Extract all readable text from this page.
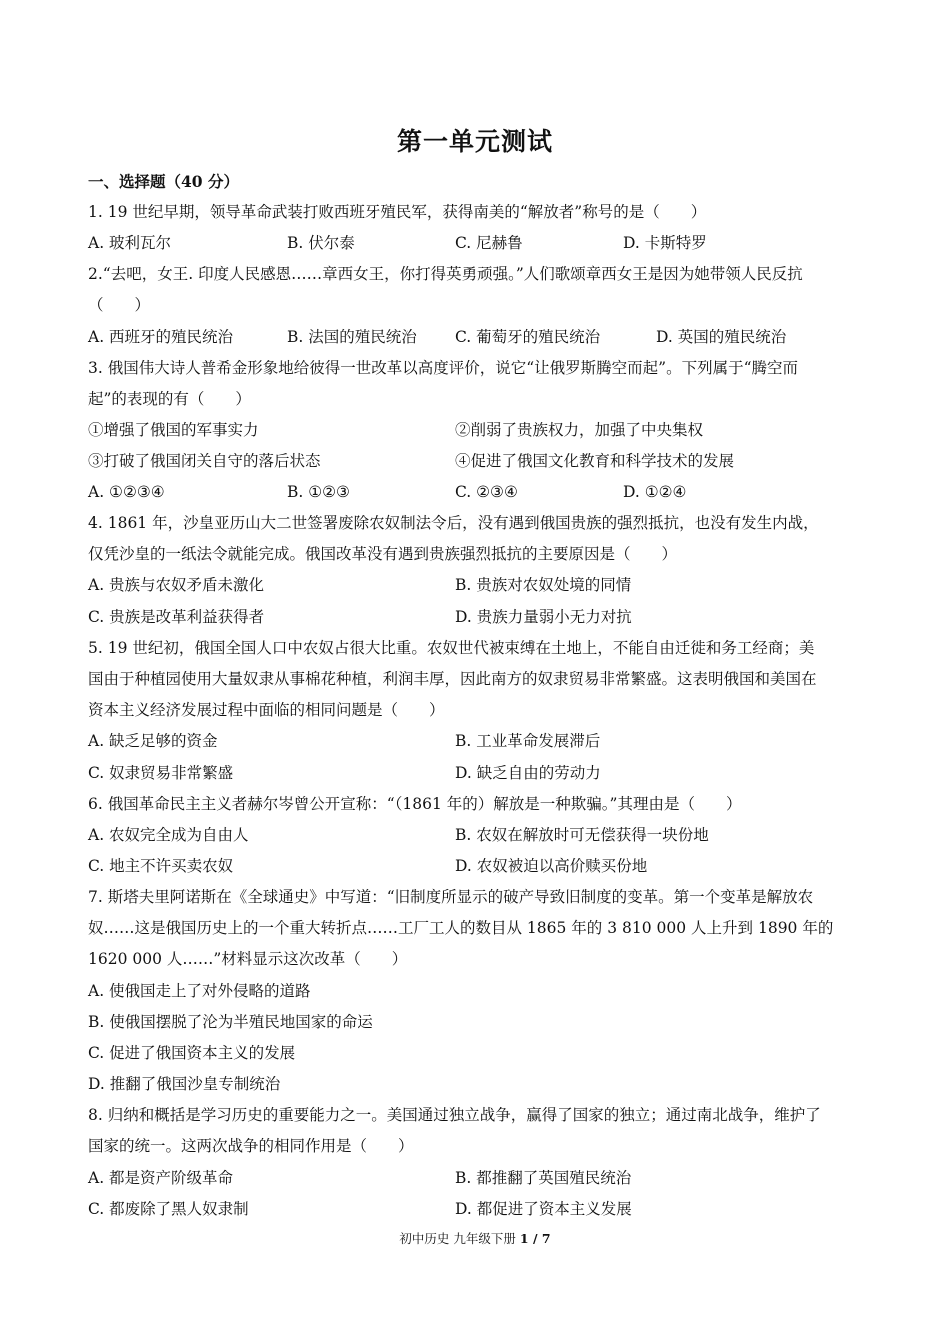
第一单元测试
一、选择题（40 分）
1. 19 世纪早期，领导革命武装打败西班牙殖民军，获得南美的“解放者”称号的是（　　）
A. 玻利瓦尔	B. 伏尔泰	C. 尼赫鲁	D. 卡斯特罗
2.“去吧，女王. 印度人民感恩……章西女王，你打得英勇顽强。”人们歌颂章西女王是因为她带领人民反抗
（　　）
A. 西班牙的殖民统治	B. 法国的殖民统治 C. 葡萄牙的殖民统治	D. 英国的殖民统治
3. 俄国伟大诗人普希金形象地给彼得一世改革以高度评价，说它“让俄罗斯腾空而起”。下列属于“腾空而
起”的表现的有（　　）
①增强了俄国的军事实力	②削弱了贵族权力，加强了中央集权
③打破了俄国闭关自守的落后状态	④促进了俄国文化教育和科学技术的发展
A. ①②③④	B. ①②③	C. ②③④	D. ①②④
4. 1861 年，沙皇亚历山大二世签署废除农奴制法令后，没有遇到俄国贵族的强烈抵抗，也没有发生内战，
仅凭沙皇的一纸法令就能完成。俄国改革没有遇到贵族强烈抵抗的主要原因是（　　）
A. 贵族与农奴矛盾未激化	B. 贵族对农奴处境的同情
C. 贵族是改革利益获得者	D. 贵族力量弱小无力对抗
5. 19 世纪初，俄国全国人口中农奴占很大比重。农奴世代被束缚在土地上，不能自由迁徙和务工经商；美
国由于种植园使用大量奴隶从事棉花种植，利润丰厚，因此南方的奴隶贸易非常繁盛。这表明俄国和美国在
资本主义经济发展过程中面临的相同问题是（　　）
A. 缺乏足够的资金	B. 工业革命发展滞后
C. 奴隶贸易非常繁盛	D. 缺乏自由的劳动力
6. 俄国革命民主主义者赫尔岑曾公开宣称：“（1861 年的）解放是一种欺骗。”其理由是（　　）
A. 农奴完全成为自由人	B. 农奴在解放时可无偿获得一块份地
C. 地主不许买卖农奴	D. 农奴被迫以高价赎买份地
7. 斯塔夫里阿诺斯在《全球通史》中写道：“旧制度所显示的破产导致旧制度的变革。第一个变革是解放农
奴……这是俄国历史上的一个重大转折点……工厂工人的数目从 1865 年的 3 810 000 人上升到 1890 年的
1620 000 人……”材料显示这次改革（　　）
A. 使俄国走上了对外侵略的道路
B. 使俄国摆脱了沦为半殖民地国家的命运
C. 促进了俄国资本主义的发展
D. 推翻了俄国沙皇专制统治
8. 归纳和概括是学习历史的重要能力之一。美国通过独立战争，赢得了国家的独立；通过南北战争，维护了
国家的统一。这两次战争的相同作用是（　　）
A. 都是资产阶级革命	B. 都推翻了英国殖民统治
C. 都废除了黑人奴隶制	D. 都促进了资本主义发展
初中历史 九年级下册 1 / 7
